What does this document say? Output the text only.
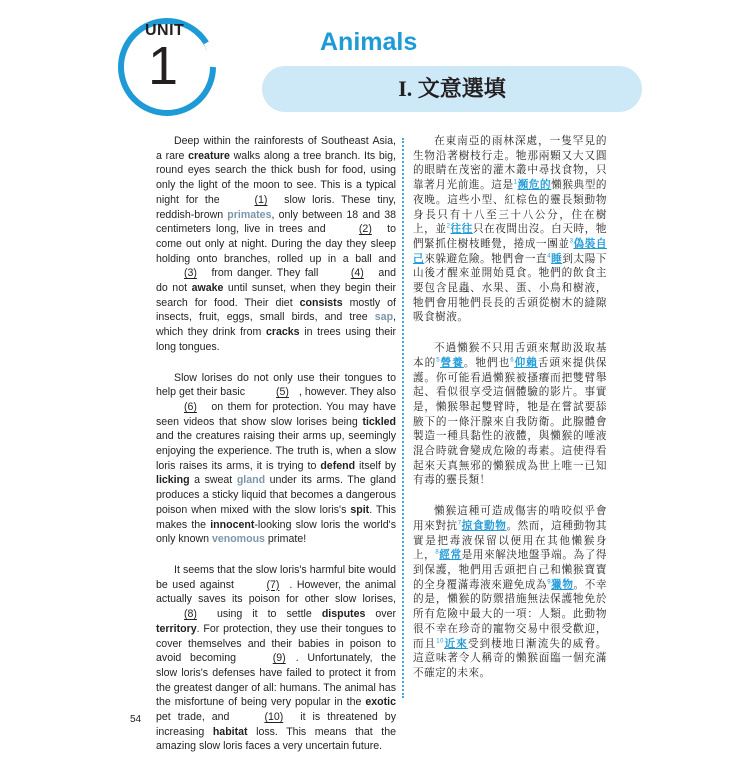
UNIT
1	Animals
I. 文意選填

Deep within the rainforests of Southeast Asia, a rare creature walks along a tree branch. Its big, round eyes search the thick bush for food, using only the light of the moon to see. This is a typical night for the	(1) slow loris. These tiny, reddish-brown primates, only between 18 and 38 centimeters long, live in trees and	(2) to come out only at night. During the day they sleep holding onto branches, rolled up in a ball and (3) from danger. They fall	(4) and do not awake until sunset, when they begin their search for food. Their diet consists mostly of insects, fruit, eggs, small birds, and tree sap, which they drink from cracks in trees using their long tongues.

Slow lorises do not only use their tongues to help get their basic	(5) , however. They also (6) on them for protection. You may have seen videos that show slow lorises being tickled and the creatures raising their arms up, seemingly enjoying the experience. The truth is, when a slow loris raises its arms, it is trying to defend itself by licking a sweat gland under its arms. The gland produces a sticky liquid that becomes a dangerous poison when mixed with the slow loris's spit. This makes the innocent-looking slow loris the world's only known venomous primate!

It seems that the slow loris's harmful bite would be used against	(7) . However, the animal actually saves its poison for other slow lorises, (8) using it to settle disputes over territory. For protection, they use their tongues to cover themselves and their babies in poison to avoid becoming	(9) . Unfortunately, the slow loris's defenses have failed to protect it from the greatest danger of all: humans. The animal has the misfortune of being very popular in the exotic pet trade, and	(10) it is threatened by increasing habitat loss. This means that the amazing slow loris faces a very uncertain future.

在東南亞的雨林深處，一隻罕見的生物沿著樹枝行走。牠那兩顆又大又圓的眼睛在茂密的灌木叢中尋找食物，只靠著月光前進。這是$^1$瀕危的懶猴典型的夜晚。這些小型、紅棕色的靈長類動物身長只有十八至三十八公分，住在樹上，並$^2$往往只在夜間出沒。白天時，牠們緊抓住樹枝睡覺，捲成一團並$^3$偽裝自己來躲避危險。牠們會一直$^4$睡到太陽下山後才醒來並開始覓食。牠們的飲食主要包含昆蟲、水果、蛋、小鳥和樹液，牠們會用牠們長長的舌頭從樹木的縫隙吸食樹液。

不過懶猴不只用舌頭來幫助汲取基本的$^5$營養。牠們也$^6$仰賴舌頭來提供保護。你可能看過懶猴被搔癢而把雙臂舉起、看似很享受這個體驗的影片。事實是，懶猴舉起雙臂時，牠是在嘗試要舔腋下的一條汗腺來自我防衛。此腺體會製造一種具黏性的液體，與懶猴的唾液混合時就會變成危險的毒素。這使得看起來天真無邪的懶猴成為世上唯一已知有毒的靈長類！

懶猴這種可造成傷害的啃咬似乎會用來對抗$^7$掠食動物。然而，這種動物其實是把毒液保留以便用在其他懶猴身上，$^8$經常是用來解決地盤爭端。為了得到保護，牠們用舌頭把自己和懶猴寶寶的全身覆滿毒液來避免成為$^9$獵物。不幸的是，懶猴的防禦措施無法保護牠免於所有危險中最大的一項：人類。此動物很不幸在珍奇的寵物交易中很受歡迎，而且$^{10}$近來受到棲地日漸流失的威脅。這意味著令人稱奇的懶猴面臨一個充滿不確定的未來。

54
